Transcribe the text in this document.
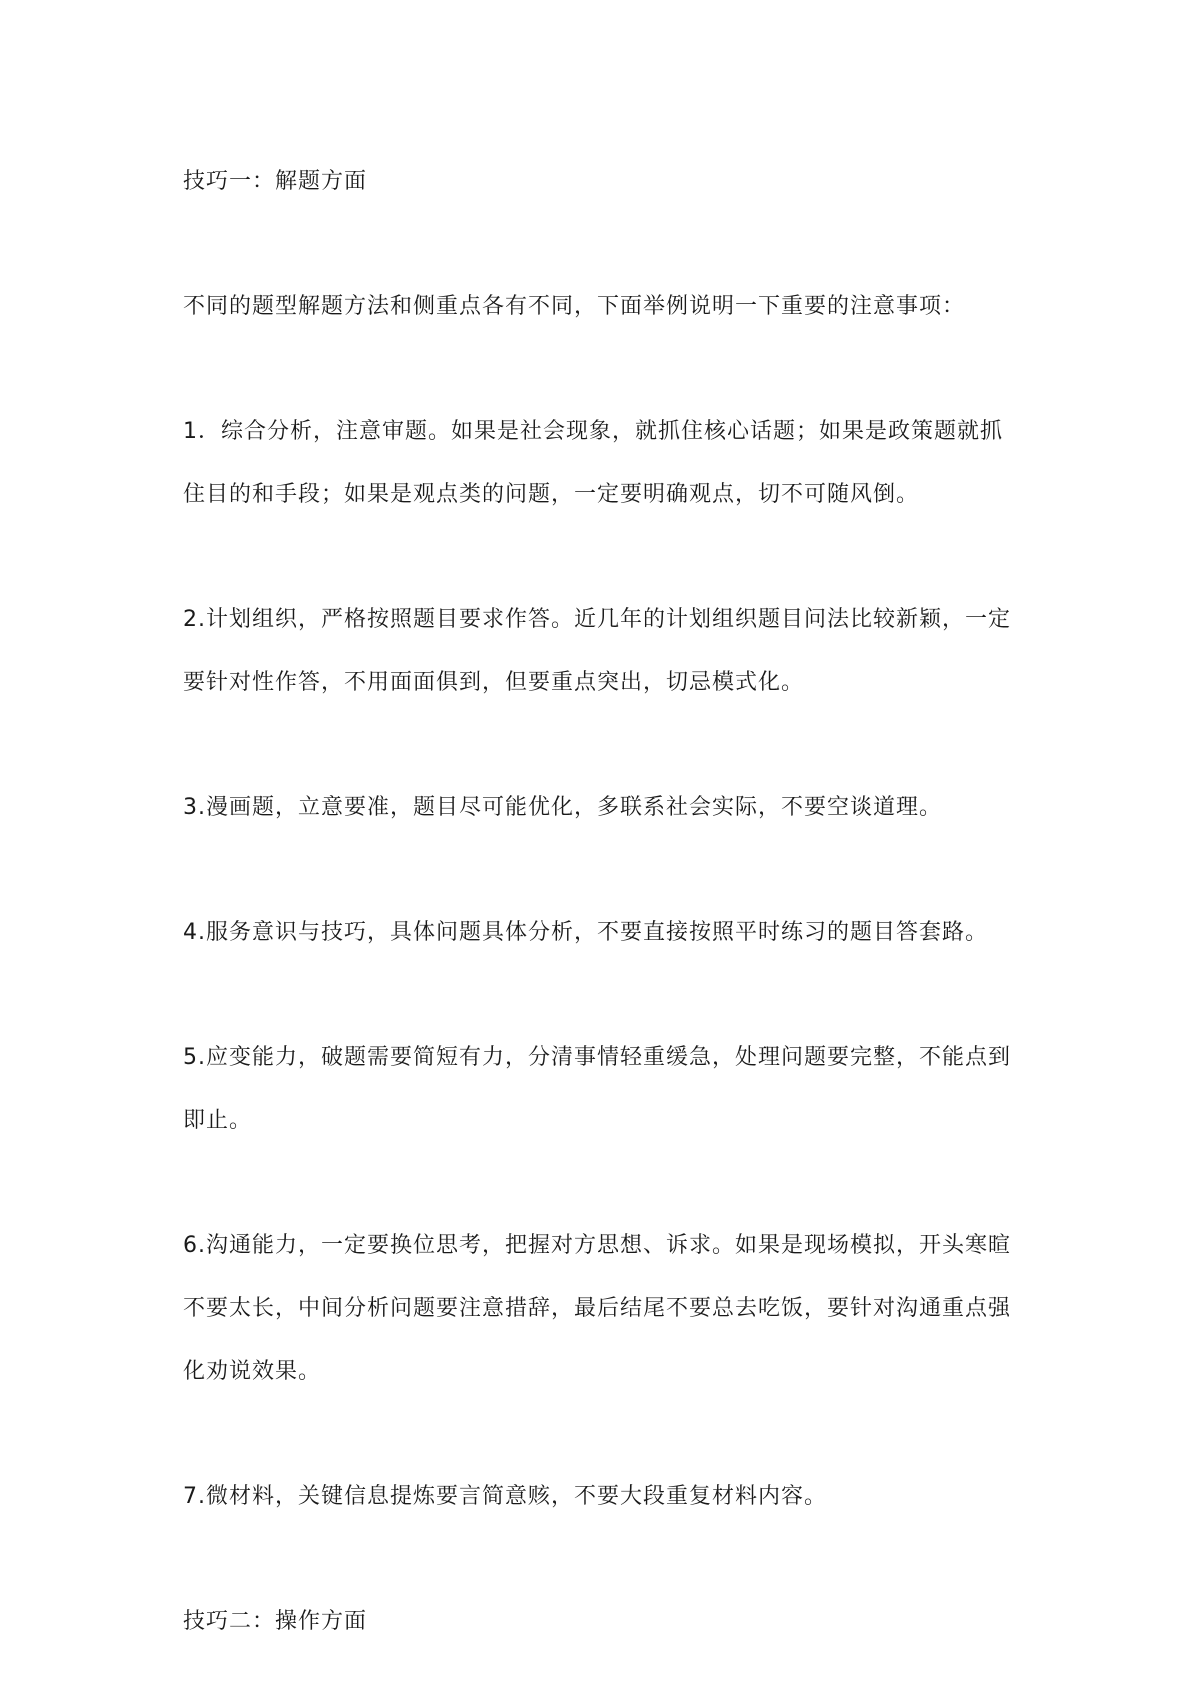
技巧一：解题方面

不同的题型解题方法和侧重点各有不同，下面举例说明一下重要的注意事项：

1．综合分析，注意审题。如果是社会现象，就抓住核心话题；如果是政策题就抓住目的和手段；如果是观点类的问题，一定要明确观点，切不可随风倒。

2.计划组织，严格按照题目要求作答。近几年的计划组织题目问法比较新颖，一定要针对性作答，不用面面俱到，但要重点突出，切忌模式化。

3.漫画题，立意要准，题目尽可能优化，多联系社会实际，不要空谈道理。

4.服务意识与技巧，具体问题具体分析，不要直接按照平时练习的题目答套路。

5.应变能力，破题需要简短有力，分清事情轻重缓急，处理问题要完整，不能点到即止。

6.沟通能力，一定要换位思考，把握对方思想、诉求。如果是现场模拟，开头寒暄不要太长，中间分析问题要注意措辞，最后结尾不要总去吃饭，要针对沟通重点强化劝说效果。

7.微材料，关键信息提炼要言简意赅，不要大段重复材料内容。

技巧二：操作方面
